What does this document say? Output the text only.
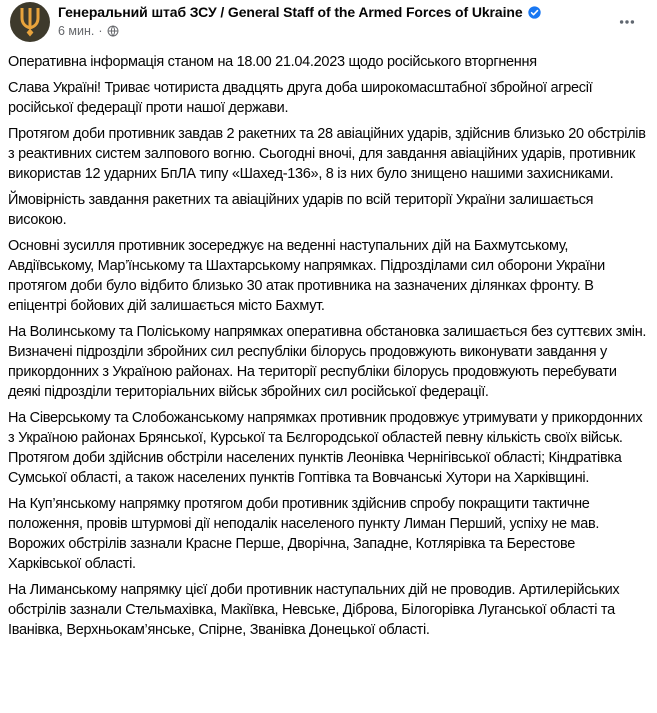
Генеральний штаб ЗСУ / General Staff of the Armed Forces of Ukraine
6 мин. ·

Оперативна інформація станом на 18.00 21.04.2023 щодо російського вторгнення

Слава Україні! Триває чотириста двадцять друга доба широкомасштабної збройної агресії російської федерації проти нашої держави.

Протягом доби противник завдав 2 ракетних та 28 авіаційних ударів, здійснив близько 20 обстрілів з реактивних систем залпового вогню. Сьогодні вночі, для завдання авіаційних ударів, противник використав 12 ударних БпЛА типу «Шахед-136», 8 із них було знищено нашими захисниками.

Ймовірність завдання ракетних та авіаційних ударів по всій території України залишається високою.

Основні зусилля противник зосереджує на веденні наступальних дій на Бахмутському, Авдіївському, Мар’їнському та Шахтарському напрямках. Підрозділами сил оборони України протягом доби було відбито близько 30 атак противника на зазначених ділянках фронту. В епіцентрі бойових дій залишається місто Бахмут.

На Волинському та Поліському напрямках оперативна обстановка залишається без суттєвих змін. Визначені підрозділи збройних сил республіки білорусь продовжують виконувати завдання у прикордонних з Україною районах. На території республіки білорусь продовжують перебувати деякі підрозділи територіальних військ збройних сил російської федерації.

На Сіверському та Слобожанському напрямках противник продовжує утримувати у прикордонних з Україною районах Брянської, Курської та Бєлгородської областей певну кількість своїх військ. Протягом доби здійснив обстріли населених пунктів Леонівка Чернігівської області; Кіндратівка Сумської області, а також населених пунктів Гоптівка та Вовчанські Хутори на Харківщині.

На Куп’янському напрямку протягом доби противник здійснив спробу покращити тактичне положення, провів штурмові дії неподалік населеного пункту Лиман Перший, успіху не мав. Ворожих обстрілів зазнали Красне Перше, Дворічна, Западне, Котлярівка та Берестове Харківської області.

На Лиманському напрямку цієї доби противник наступальних дій не проводив. Артилерійських обстрілів зазнали Стельмахівка, Макіївка, Невське, Діброва, Білогорівка Луганської області та Іванівка, Верхньокам’янське, Спірне, Званівка Донецької області.
